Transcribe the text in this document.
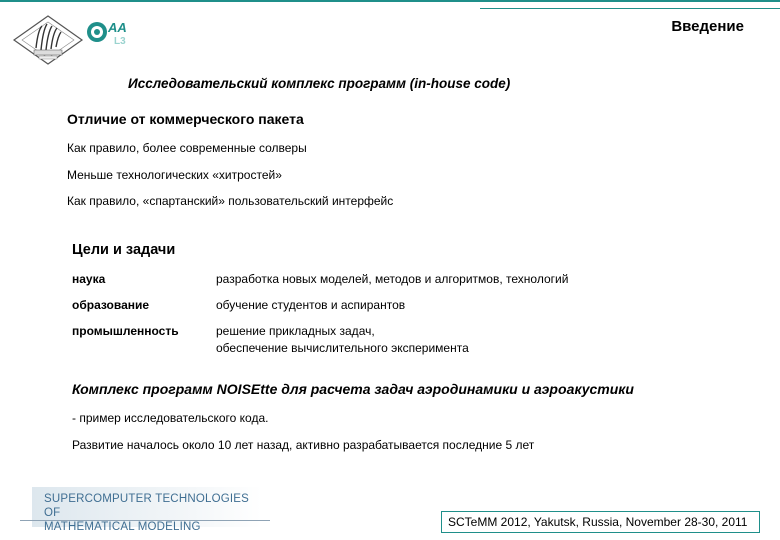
AA
L3
Введение
Исследовательский комплекс программ (in-house code)
Отличие от коммерческого пакета
Как правило, более современные солверы
Меньше технологических «хитростей»
Как правило, «спартанский» пользовательский интерфейс
Цели и задачи
наука	разработка новых моделей, методов и алгоритмов, технологий
образование	обучение студентов и аспирантов
промышленность	решение прикладных задач,
обеспечение вычислительного эксперимента
Комплекс программ NOISEtte для расчета задач аэродинамики и аэроакустики
- пример исследовательского кода.
Развитие началось около 10 лет назад, активно разрабатывается последние 5 лет
SUPERCOMPUTER TECHNOLOGIES OF
MATHEMATICAL MODELING	SCTeMM 2012, Yakutsk, Russia, November 28-30, 2011
